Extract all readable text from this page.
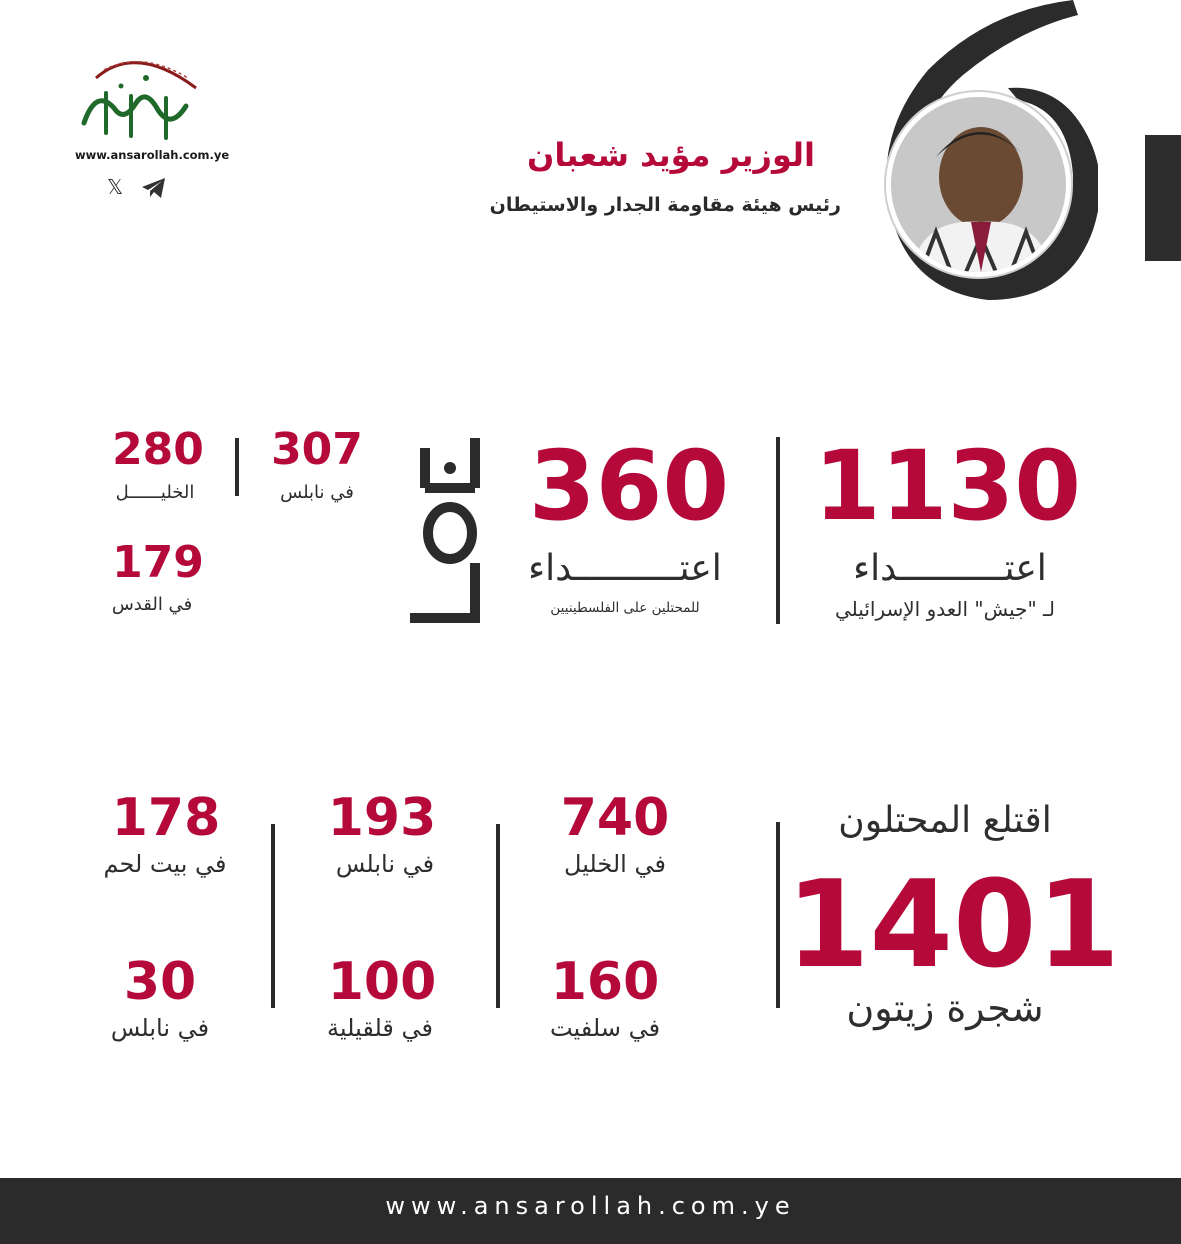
www.ansarollah.com.ye
𝕏
الوزير مؤيد شعبان
رئيس هيئة مقاومة الجدار والاستيطان
1130
اعتــــــــــداء
لـ "جيش" العدو الإسرائيلي
360
اعتــــــــــداء
للمحتلين على الفلسطينيين
307
في نابلس
280
الخليــــــل
179
في القدس
اقتلع المحتلون
1401
شجرة زيتون
740
في الخليل
160
في سلفيت
193
في نابلس
100
في قلقيلية
178
في بيت لحم
30
في نابلس
www.ansarollah.com.ye
